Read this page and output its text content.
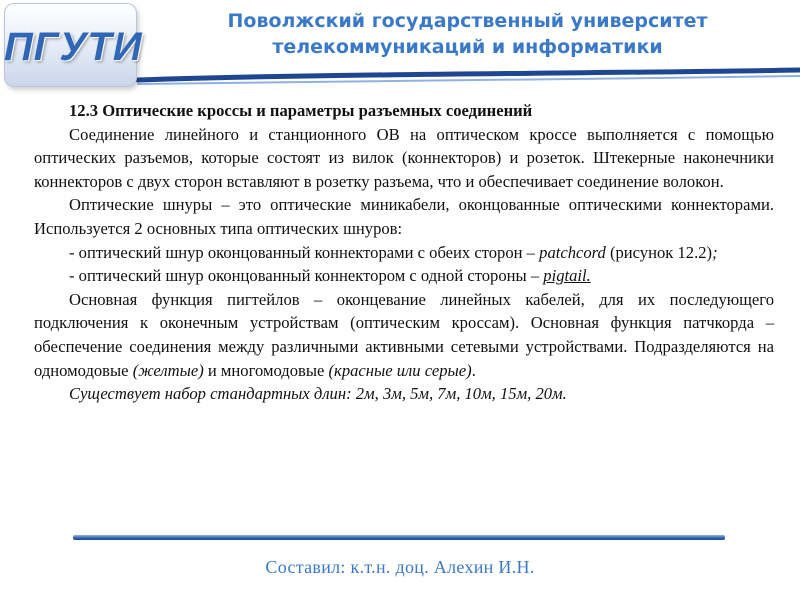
ПГУТИ
Поволжский государственный университет
телекоммуникаций и информатики

12.3 Оптические кроссы и параметры разъемных соединений

Соединение линейного и станционного ОВ на оптическом кроссе выполняется с помощью оптических разъемов, которые состоят из вилок (коннекторов) и розеток. Штекерные наконечники коннекторов с двух сторон вставляют в розетку разъема, что и обеспечивает соединение волокон.

Оптические шнуры – это оптические миникабели, оконцованные оптическими коннекторами. Используется 2 основных типа оптических шнуров:

- оптический шнур оконцованный коннекторами с обеих сторон – patchcord (рисунок 12.2);

- оптический шнур оконцованный коннектором с одной стороны – pigtail.

Основная функция пигтейлов – оконцевание линейных кабелей, для их последующего подключения к оконечным устройствам (оптическим кроссам). Основная функция патчкорда – обеспечение соединения между различными активными сетевыми устройствами. Подразделяются на одномодовые (желтые) и многомодовые (красные или серые).

Существует набор стандартных длин: 2м, 3м, 5м, 7м, 10м, 15м, 20м.

Составил: к.т.н. доц. Алехин И.Н.
